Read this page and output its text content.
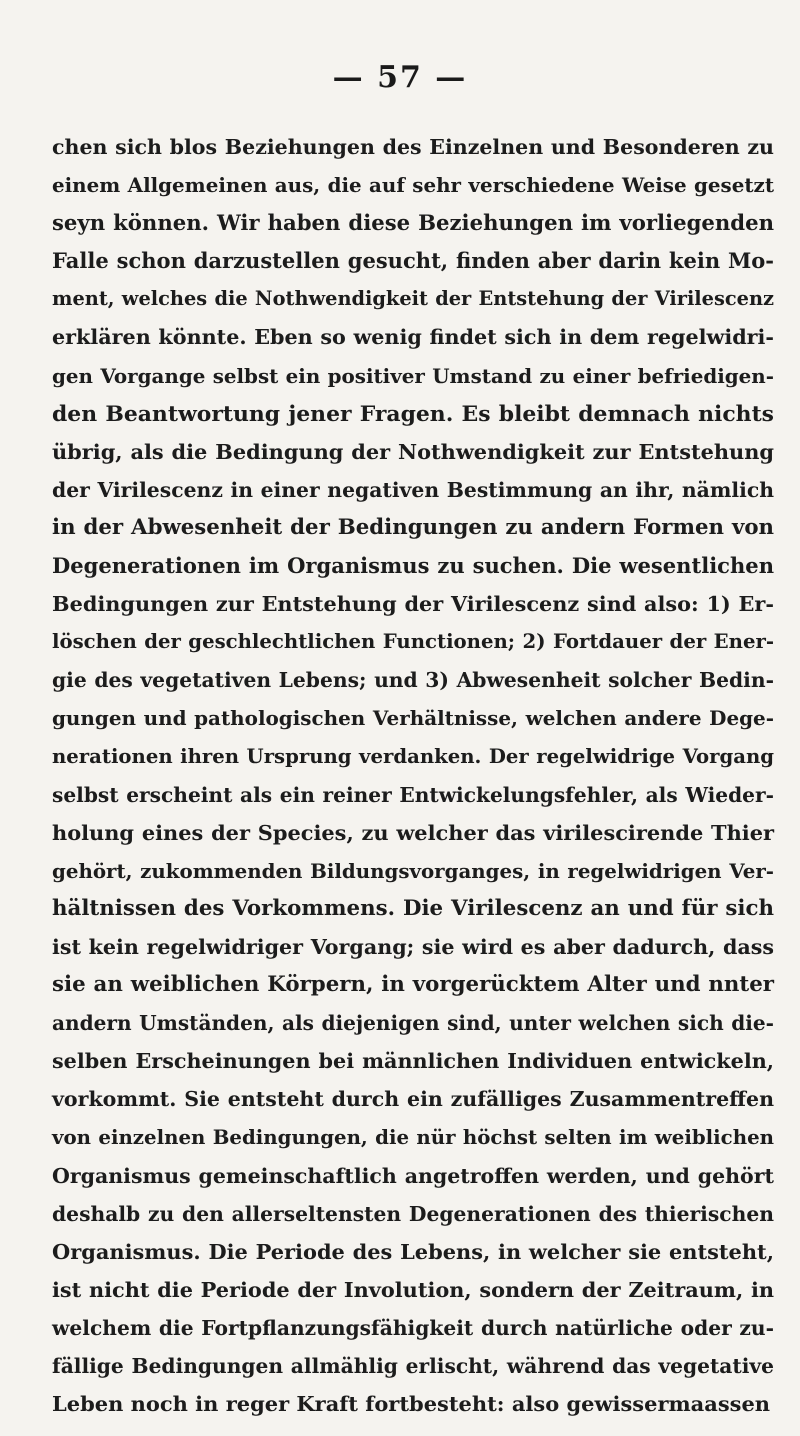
— 57 —
chen sich blos Beziehungen des Einzelnen und Besonderen zu
einem Allgemeinen aus, die auf sehr verschiedene Weise gesetzt
seyn können. Wir haben diese Beziehungen im vorliegenden
Falle schon darzustellen gesucht, finden aber darin kein Mo-
ment, welches die Nothwendigkeit der Entstehung der Virilescenz
erklären könnte. Eben so wenig findet sich in dem regelwidri-
gen Vorgange selbst ein positiver Umstand zu einer befriedigen-
den Beantwortung jener Fragen. Es bleibt demnach nichts
übrig, als die Bedingung der Nothwendigkeit zur Entstehung
der Virilescenz in einer negativen Bestimmung an ihr, nämlich
in der Abwesenheit der Bedingungen zu andern Formen von
Degenerationen im Organismus zu suchen. Die wesentlichen
Bedingungen zur Entstehung der Virilescenz sind also: 1) Er-
löschen der geschlechtlichen Functionen; 2) Fortdauer der Ener-
gie des vegetativen Lebens; und 3) Abwesenheit solcher Bedin-
gungen und pathologischen Verhältnisse, welchen andere Dege-
nerationen ihren Ursprung verdanken. Der regelwidrige Vorgang
selbst erscheint als ein reiner Entwickelungsfehler, als Wieder-
holung eines der Species, zu welcher das virilescirende Thier
gehört, zukommenden Bildungsvorganges, in regelwidrigen Ver-
hältnissen des Vorkommens. Die Virilescenz an und für sich
ist kein regelwidriger Vorgang; sie wird es aber dadurch, dass
sie an weiblichen Körpern, in vorgerücktem Alter und nnter
andern Umständen, als diejenigen sind, unter welchen sich die-
selben Erscheinungen bei männlichen Individuen entwickeln,
vorkommt. Sie entsteht durch ein zufälliges Zusammentreffen
von einzelnen Bedingungen, die nür höchst selten im weiblichen
Organismus gemeinschaftlich angetroffen werden, und gehört
deshalb zu den allerseltensten Degenerationen des thierischen
Organismus. Die Periode des Lebens, in welcher sie entsteht,
ist nicht die Periode der Involution, sondern der Zeitraum, in
welchem die Fortpflanzungsfähigkeit durch natürliche oder zu-
fällige Bedingungen allmählig erlischt, während das vegetative
Leben noch in reger Kraft fortbesteht: also gewissermaassen
